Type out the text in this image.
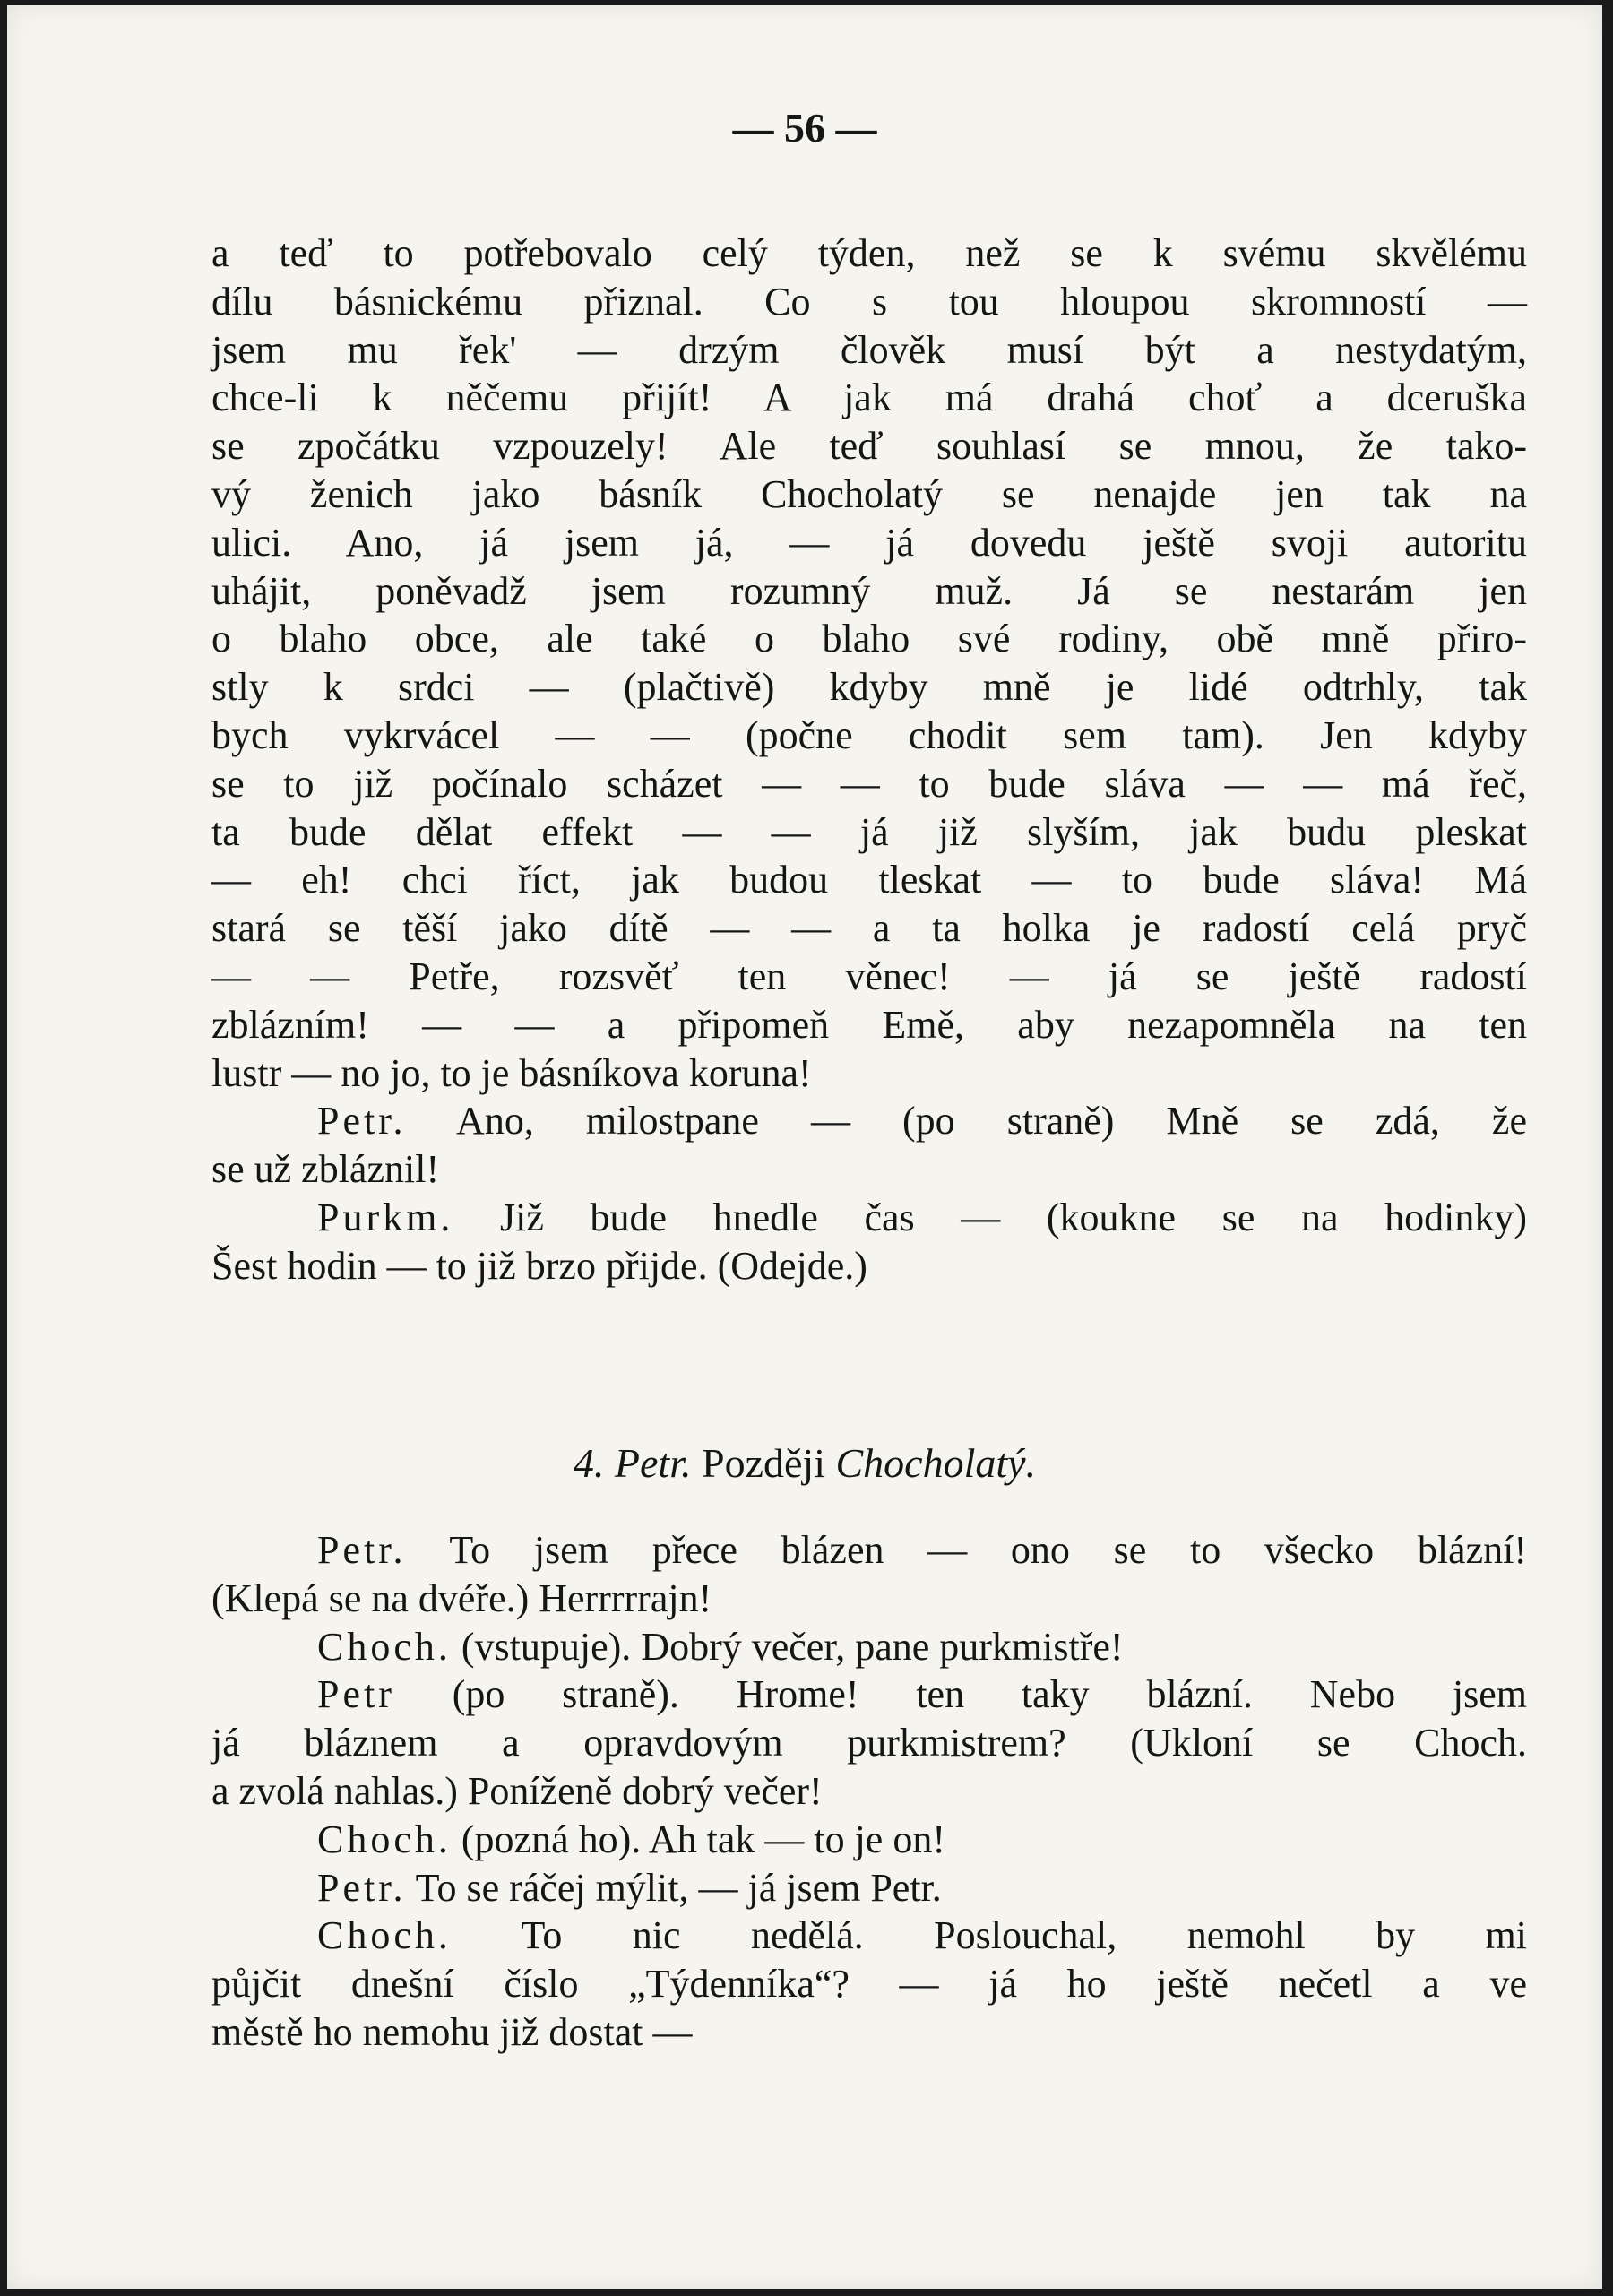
— 56 —
a teď to potřebovalo celý týden, než se k svému skvělému
dílu básnickému přiznal. Co s tou hloupou skromností —
jsem mu řek' — drzým člověk musí být a nestydatým,
chce-li k něčemu přijít! A jak má drahá choť a dceruška
se zpočátku vzpouzely! Ale teď souhlasí se mnou, že tako-
vý ženich jako básník Chocholatý se nenajde jen tak na
ulici. Ano, já jsem já, — já dovedu ještě svoji autoritu
uhájit, poněvadž jsem rozumný muž. Já se nestarám jen
o blaho obce, ale také o blaho své rodiny, obě mně přiro-
stly k srdci — (plačtivě) kdyby mně je lidé odtrhly, tak
bych vykrvácel — — (počne chodit sem tam). Jen kdyby
se to již počínalo scházet — — to bude sláva — — má řeč,
ta bude dělat effekt — — já již slyším, jak budu pleskat
— eh! chci říct, jak budou tleskat — to bude sláva! Má
stará se těší jako dítě — — a ta holka je radostí celá pryč
— — Petře, rozsvěť ten věnec! — já se ještě radostí
zblázním! — — a připomeň Emě, aby nezapomněla na ten
lustr — no jo, to je básníkova koruna!
Petr. Ano, milostpane — (po straně) Mně se zdá, že
se už zbláznil!
Purkm. Již bude hnedle čas — (koukne se na hodinky)
Šest hodin — to již brzo přijde. (Odejde.)
4. Petr. Později Chocholatý.
Petr. To jsem přece blázen — ono se to všecko blázní!
(Klepá se na dvéře.) Herrrrrajn!
Choch. (vstupuje). Dobrý večer, pane purkmistře!
Petr (po straně). Hrome! ten taky blázní. Nebo jsem
já bláznem a opravdovým purkmistrem? (Ukloní se Choch.
a zvolá nahlas.) Poníženě dobrý večer!
Choch. (pozná ho). Ah tak — to je on!
Petr. To se ráčej mýlit, — já jsem Petr.
Choch. To nic nedělá. Poslouchal, nemohl by mi
půjčit dnešní číslo „Týdenníka“? — já ho ještě nečetl a ve
městě ho nemohu již dostat —
